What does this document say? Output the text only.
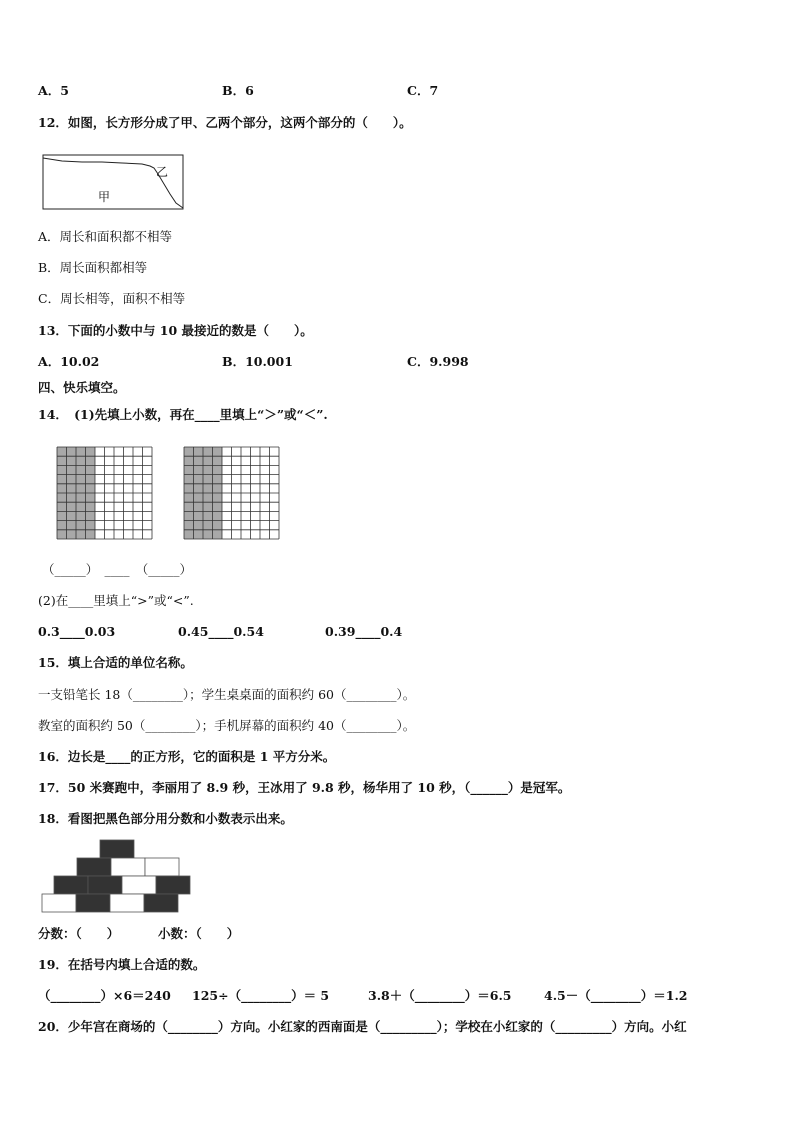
A．5	B．6	C．7
12．如图，长方形分成了甲、乙两个部分，这两个部分的（　　）。
甲
乙
A．周长和面积都不相等
B．周长面积都相等
C．周长相等，面积不相等
13．下面的小数中与 10 最接近的数是（　　）。
A．10.02	B．10.001	C．9.998
四、快乐填空。
14．　(1)先填上小数，再在____里填上“＞”或“＜”.
（_____）　____　（_____）
(2)在____里填上“>”或“<”.
0.3____0.03	0.45____0.54	0.39____0.4
15．填上合适的单位名称。
一支铅笔长 18（________）；学生桌桌面的面积约 60（________）。
教室的面积约 50（________）；手机屏幕的面积约 40（________）。
16．边长是____的正方形，它的面积是 1 平方分米。
17．50 米赛跑中，李丽用了 8.9 秒，王冰用了 9.8 秒，杨华用了 10 秒，（______）是冠军。
18．看图把黑色部分用分数和小数表示出来。
分数：（　　）	小数：（　　）
19．在括号内填上合适的数。
（________）×6＝240 125÷（________）＝ 5	3.8＋（________）＝6.5	4.5－（________）＝1.2
20．少年宫在商场的（________）方向。小红家的西南面是（_________）；学校在小红家的（_________）方向。小红
